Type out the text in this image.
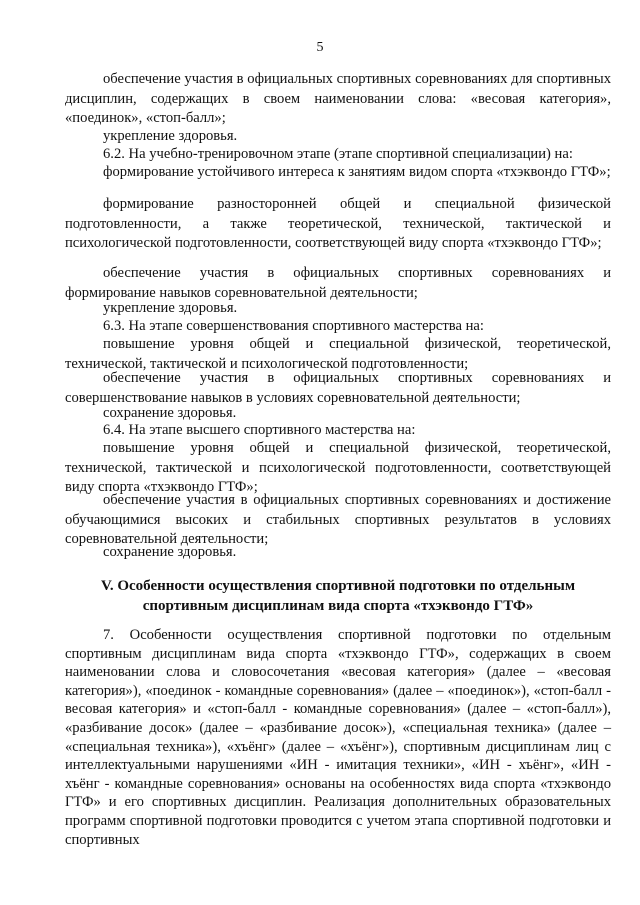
5

обеспечение участия в официальных спортивных соревнованиях для спортивных дисциплин, содержащих в своем наименовании слова: «весовая категория», «поединок», «стоп-балл»;

укрепление здоровья.

6.2. На учебно-тренировочном этапе (этапе спортивной специализации) на:

формирование устойчивого интереса к занятиям видом спорта «тхэквондо ГТФ»;

формирование разносторонней общей и специальной физической подготовленности, а также теоретической, технической, тактической и психологической подготовленности, соответствующей виду спорта «тхэквондо ГТФ»;

обеспечение участия в официальных спортивных соревнованиях и формирование навыков соревновательной деятельности;

укрепление здоровья.

6.3. На этапе совершенствования спортивного мастерства на:

повышение уровня общей и специальной физической, теоретической, технической, тактической и психологической подготовленности;

обеспечение участия в официальных спортивных соревнованиях и совершенствование навыков в условиях соревновательной деятельности;

сохранение здоровья.

6.4. На этапе высшего спортивного мастерства на:

повышение уровня общей и специальной физической, теоретической, технической, тактической и психологической подготовленности, соответствующей виду спорта «тхэквондо ГТФ»;

обеспечение участия в официальных спортивных соревнованиях и достижение обучающимися высоких и стабильных спортивных результатов в условиях соревновательной деятельности;

сохранение здоровья.

V. Особенности осуществления спортивной подготовки по отдельным
спортивным дисциплинам вида спорта «тхэквондо ГТФ»

7. Особенности осуществления спортивной подготовки по отдельным спортивным дисциплинам вида спорта «тхэквондо ГТФ», содержащих в своем наименовании слова и словосочетания «весовая категория» (далее – «весовая категория»), «поединок - командные соревнования» (далее – «поединок»), «стоп-балл - весовая категория» и «стоп-балл - командные соревнования» (далее – «стоп-балл»), «разбивание досок» (далее – «разбивание досок»), «специальная техника» (далее – «специальная техника»), «хъёнг» (далее – «хъёнг»), спортивным дисциплинам лиц с интеллектуальными нарушениями «ИН - имитация техники», «ИН - хъёнг», «ИН - хъёнг - командные соревнования» основаны на особенностях вида спорта «тхэквондо ГТФ» и его спортивных дисциплин. Реализация дополнительных образовательных программ спортивной подготовки проводится с учетом этапа спортивной подготовки и спортивных
